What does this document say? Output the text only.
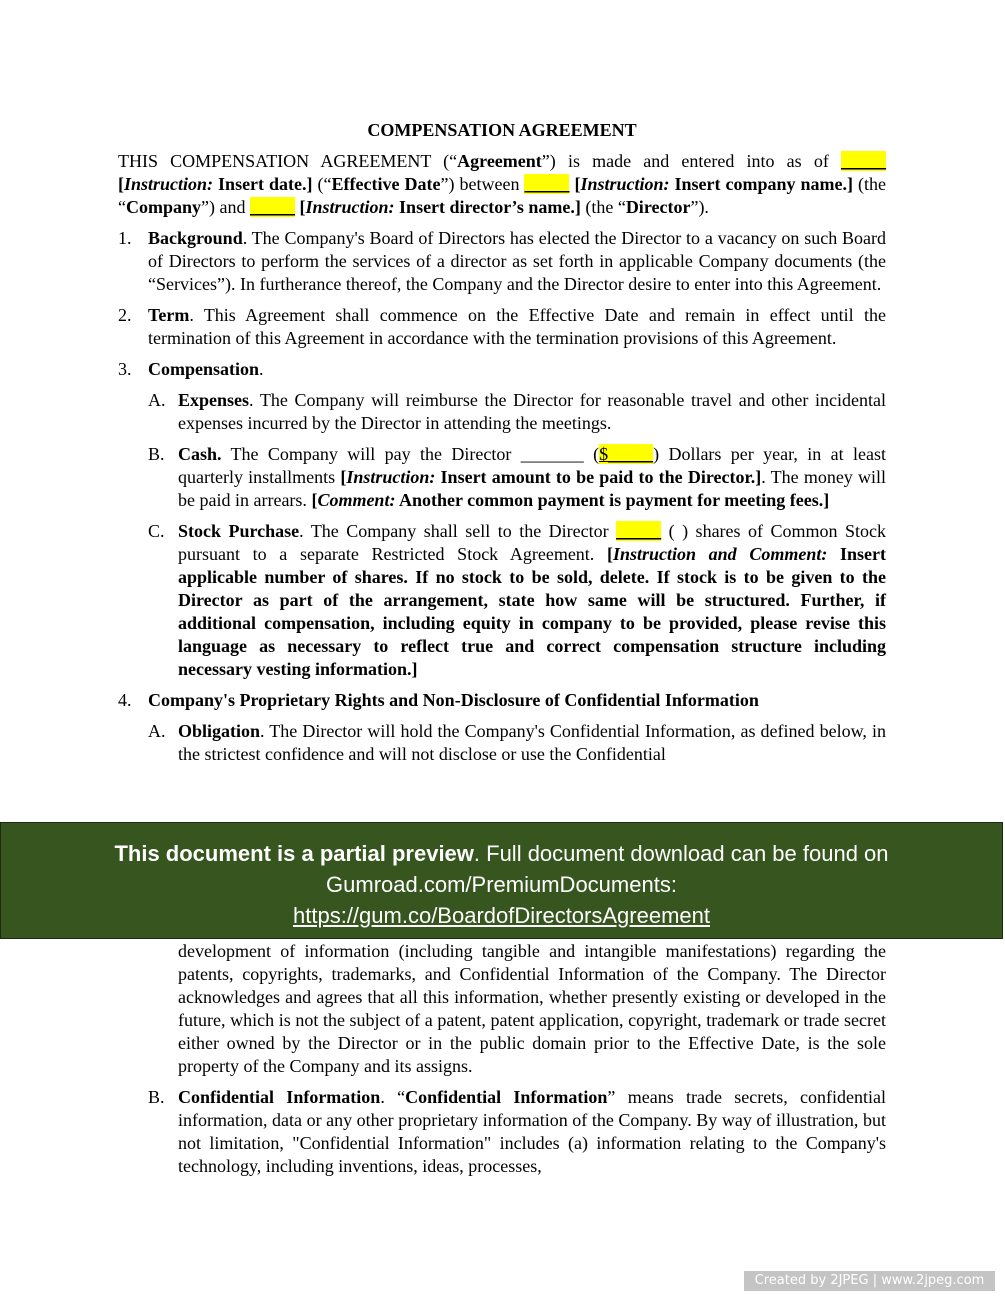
COMPENSATION AGREEMENT
THIS COMPENSATION AGREEMENT (“Agreement”) is made and entered into as of _____ [Instruction: Insert date.] (“Effective Date”) between _____ [Instruction: Insert company name.] (the “Company”) and _____ [Instruction: Insert director’s name.] (the “Director”).
1. Background. The Company's Board of Directors has elected the Director to a vacancy on such Board of Directors to perform the services of a director as set forth in applicable Company documents (the “Services”). In furtherance thereof, the Company and the Director desire to enter into this Agreement.
2. Term. This Agreement shall commence on the Effective Date and remain in effect until the termination of this Agreement in accordance with the termination provisions of this Agreement.
3. Compensation.
A. Expenses. The Company will reimburse the Director for reasonable travel and other incidental expenses incurred by the Director in attending the meetings.
B. Cash. The Company will pay the Director _______ ($_____) Dollars per year, in at least quarterly installments [Instruction: Insert amount to be paid to the Director.]. The money will be paid in arrears. [Comment: Another common payment is payment for meeting fees.]
C. Stock Purchase. The Company shall sell to the Director _____ ( ) shares of Common Stock pursuant to a separate Restricted Stock Agreement. [Instruction and Comment: Insert applicable number of shares. If no stock to be sold, delete. If stock is to be given to the Director as part of the arrangement, state how same will be structured. Further, if additional compensation, including equity in company to be provided, please revise this language as necessary to reflect true and correct compensation structure including necessary vesting information.]
4. Company's Proprietary Rights and Non-Disclosure of Confidential Information
A. Obligation. The Director will hold the Company's Confidential Information, as defined below, in the strictest confidence and will not disclose or use the Confidential
development of information (including tangible and intangible manifestations) regarding the patents, copyrights, trademarks, and Confidential Information of the Company. The Director acknowledges and agrees that all this information, whether presently existing or developed in the future, which is not the subject of a patent, patent application, copyright, trademark or trade secret either owned by the Director or in the public domain prior to the Effective Date, is the sole property of the Company and its assigns.
B. Confidential Information. “Confidential Information” means trade secrets, confidential information, data or any other proprietary information of the Company. By way of illustration, but not limitation, "Confidential Information" includes (a) information relating to the Company's technology, including inventions, ideas, processes,
This document is a partial preview. Full document download can be found on
Gumroad.com/PremiumDocuments:
https://gum.co/BoardofDirectorsAgreement
Created by 2JPEG | www.2jpeg.com
